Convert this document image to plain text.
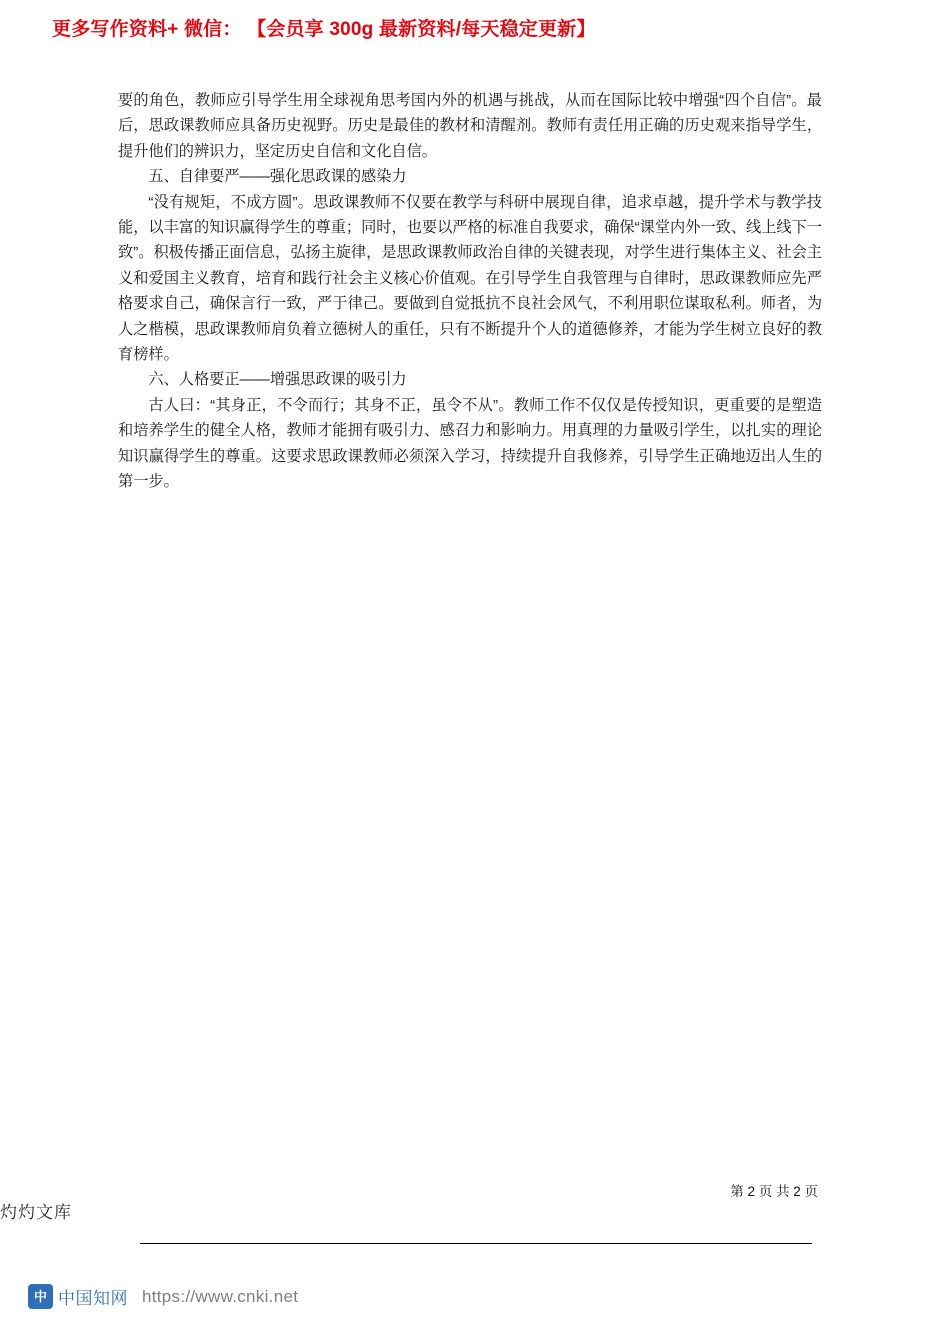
更多写作资料+ 微信： 【会员享 300g 最新资料/每天稳定更新】

要的角色，教师应引导学生用全球视角思考国内外的机遇与挑战，从而在国际比较中增强“四个自信”。最后，思政课教师应具备历史视野。历史是最佳的教材和清醒剂。教师有责任用正确的历史观来指导学生，提升他们的辨识力，坚定历史自信和文化自信。

五、自律要严——强化思政课的感染力

“没有规矩，不成方圆”。思政课教师不仅要在教学与科研中展现自律，追求卓越，提升学术与教学技能，以丰富的知识赢得学生的尊重；同时，也要以严格的标准自我要求，确保“课堂内外一致、线上线下一致”。积极传播正面信息，弘扬主旋律，是思政课教师政治自律的关键表现，对学生进行集体主义、社会主义和爱国主义教育，培育和践行社会主义核心价值观。在引导学生自我管理与自律时，思政课教师应先严格要求自己，确保言行一致，严于律己。要做到自觉抵抗不良社会风气，不利用职位谋取私利。师者，为人之楷模，思政课教师肩负着立德树人的重任，只有不断提升个人的道德修养，才能为学生树立良好的教育榜样。

六、人格要正——增强思政课的吸引力

古人曰：“其身正，不令而行；其身不正，虽令不从”。教师工作不仅仅是传授知识，更重要的是塑造和培养学生的健全人格，教师才能拥有吸引力、感召力和影响力。用真理的力量吸引学生，以扎实的理论知识赢得学生的尊重。这要求思政课教师必须深入学习，持续提升自我修养，引导学生正确地迈出人生的第一步。

第 2 页 共 2 页
灼灼文库
中 中国知网 https://www.cnki.net
